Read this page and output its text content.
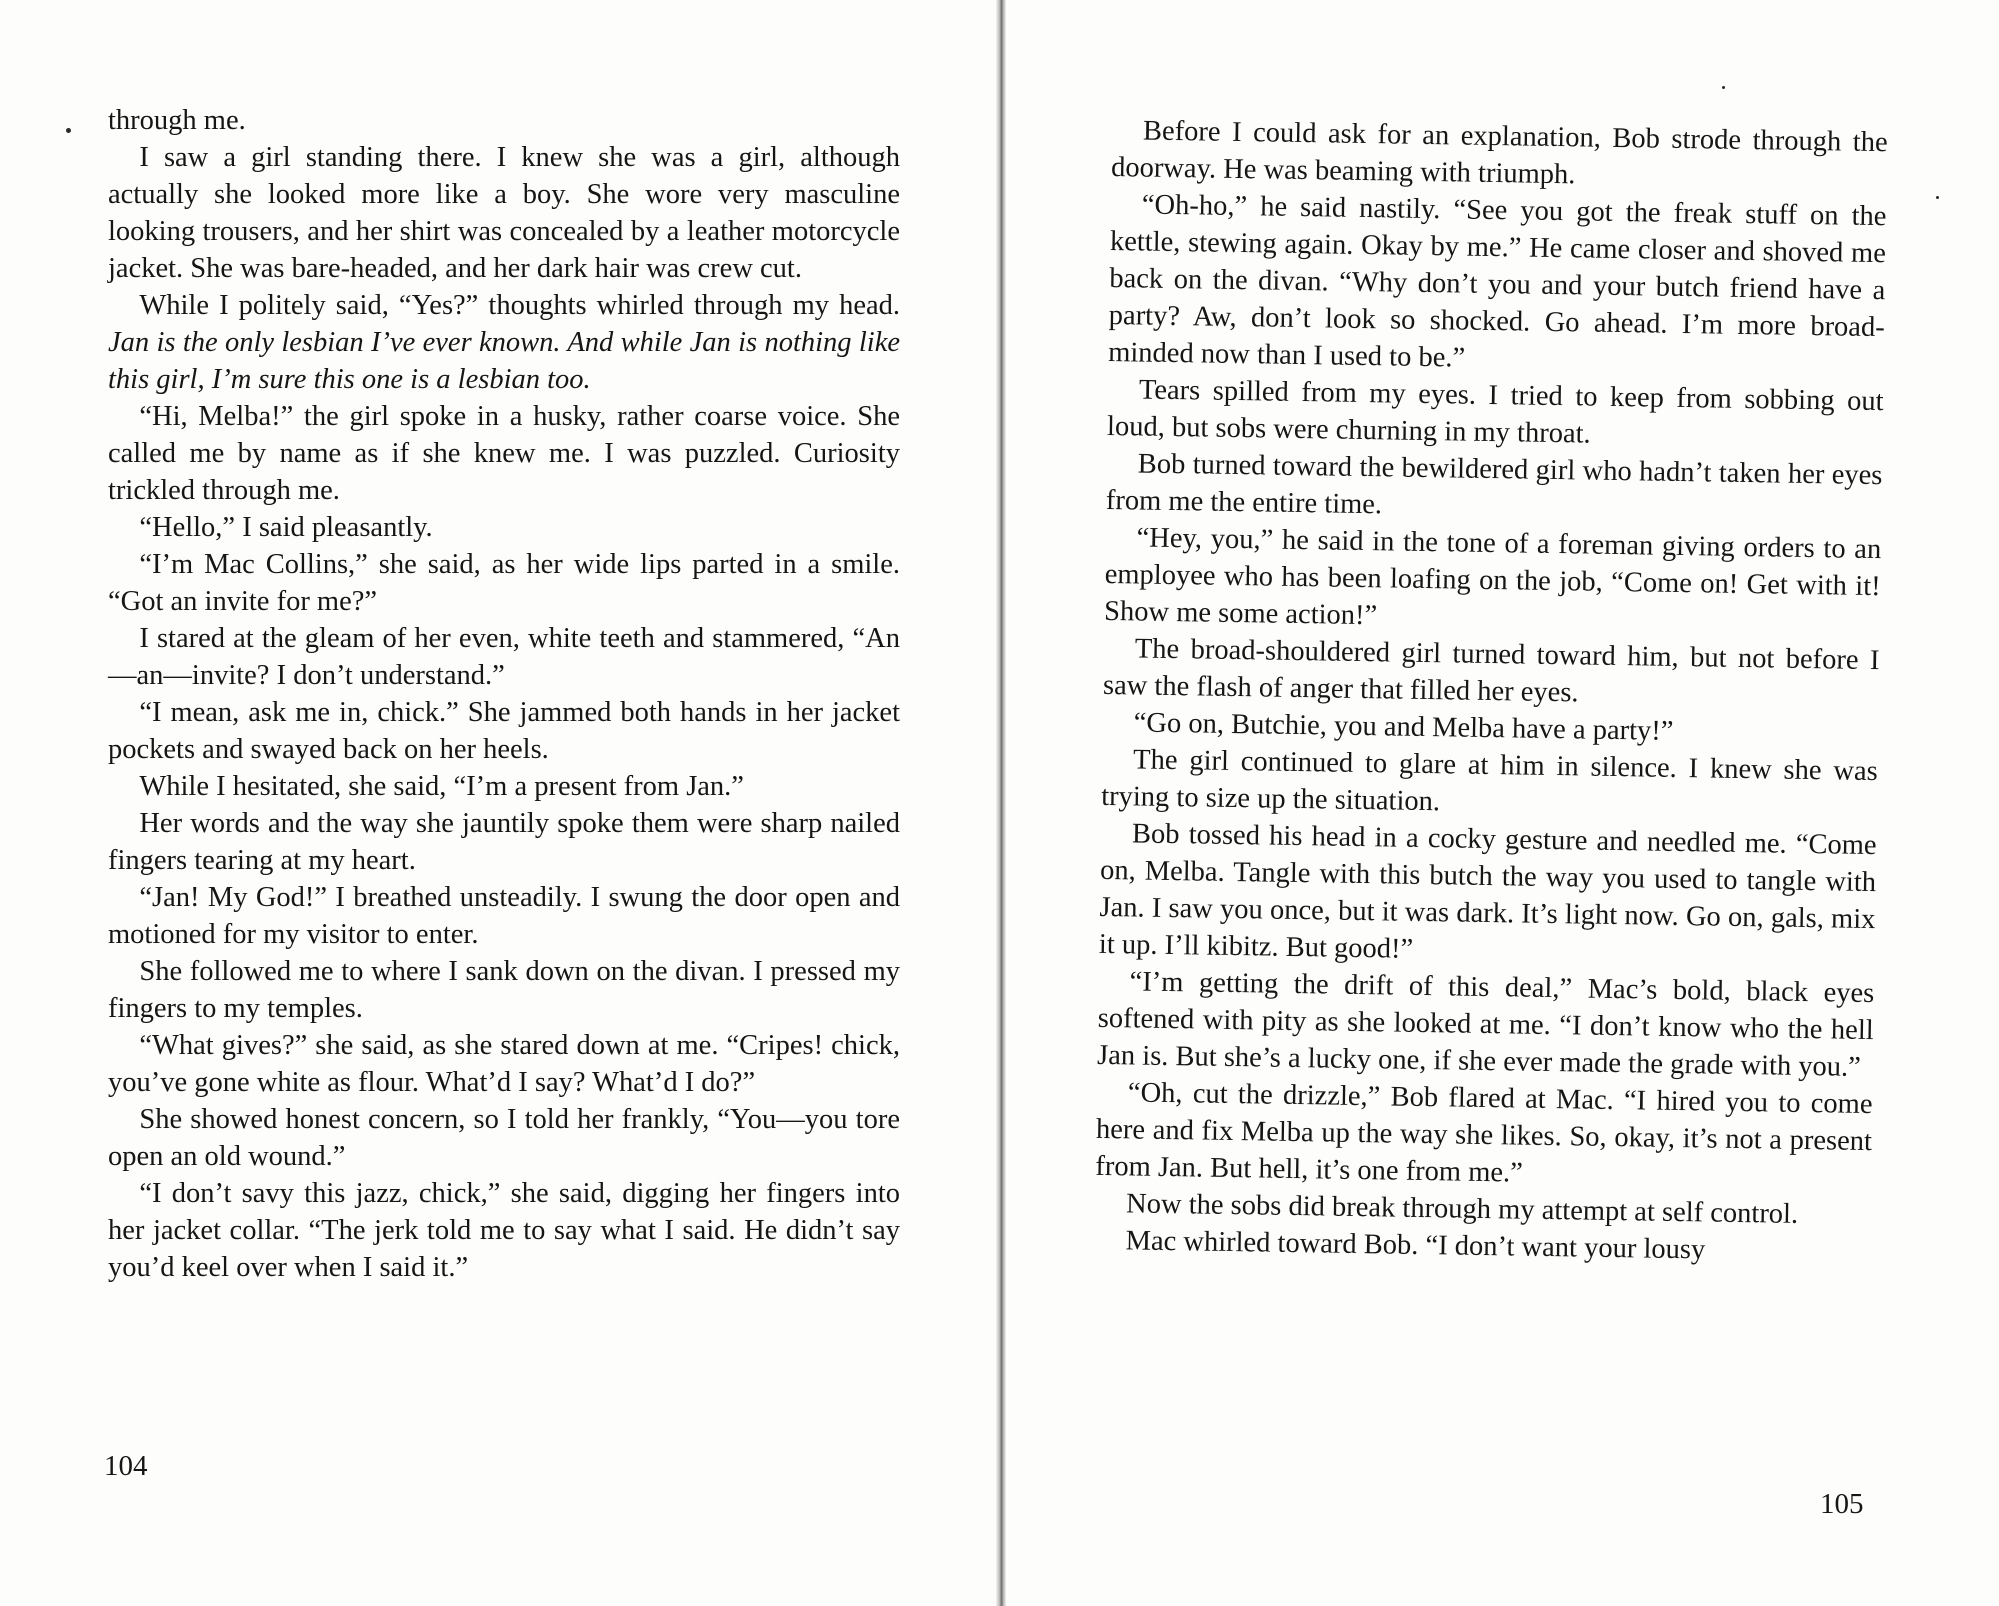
through me.

I saw a girl standing there. I knew she was a girl, although actually she looked more like a boy. She wore very masculine looking trousers, and her shirt was concealed by a leather motorcycle jacket. She was bare-headed, and her dark hair was crew cut.

While I politely said, “Yes?” thoughts whirled through my head. Jan is the only lesbian I’ve ever known. And while Jan is nothing like this girl, I’m sure this one is a lesbian too.

“Hi, Melba!” the girl spoke in a husky, rather coarse voice. She called me by name as if she knew me. I was puzzled. Curiosity trickled through me.

“Hello,” I said pleasantly.

“I’m Mac Collins,” she said, as her wide lips parted in a smile. “Got an invite for me?”

I stared at the gleam of her even, white teeth and stammered, “An—an—invite? I don’t understand.”

“I mean, ask me in, chick.” She jammed both hands in her jacket pockets and swayed back on her heels.

While I hesitated, she said, “I’m a present from Jan.”

Her words and the way she jauntily spoke them were sharp nailed fingers tearing at my heart.

“Jan! My God!” I breathed unsteadily. I swung the door open and motioned for my visitor to enter.

She followed me to where I sank down on the divan. I pressed my fingers to my temples.

“What gives?” she said, as she stared down at me. “Cripes! chick, you’ve gone white as flour. What’d I say? What’d I do?”

She showed honest concern, so I told her frankly, “You—you tore open an old wound.”

“I don’t savy this jazz, chick,” she said, digging her fingers into her jacket collar. “The jerk told me to say what I said. He didn’t say you’d keel over when I said it.”

104

Before I could ask for an explanation, Bob strode through the doorway. He was beaming with triumph.

“Oh-ho,” he said nastily. “See you got the freak stuff on the kettle, stewing again. Okay by me.” He came closer and shoved me back on the divan. “Why don’t you and your butch friend have a party? Aw, don’t look so shocked. Go ahead. I’m more broad-minded now than I used to be.”

Tears spilled from my eyes. I tried to keep from sobbing out loud, but sobs were churning in my throat.

Bob turned toward the bewildered girl who hadn’t taken her eyes from me the entire time.

“Hey, you,” he said in the tone of a foreman giving orders to an employee who has been loafing on the job, “Come on! Get with it! Show me some action!”

The broad-shouldered girl turned toward him, but not before I saw the flash of anger that filled her eyes.

“Go on, Butchie, you and Melba have a party!”

The girl continued to glare at him in silence. I knew she was trying to size up the situation.

Bob tossed his head in a cocky gesture and needled me. “Come on, Melba. Tangle with this butch the way you used to tangle with Jan. I saw you once, but it was dark. It’s light now. Go on, gals, mix it up. I’ll kibitz. But good!”

“I’m getting the drift of this deal,” Mac’s bold, black eyes softened with pity as she looked at me. “I don’t know who the hell Jan is. But she’s a lucky one, if she ever made the grade with you.”

“Oh, cut the drizzle,” Bob flared at Mac. “I hired you to come here and fix Melba up the way she likes. So, okay, it’s not a present from Jan. But hell, it’s one from me.”

Now the sobs did break through my attempt at self control.

Mac whirled toward Bob. “I don’t want your lousy

105
